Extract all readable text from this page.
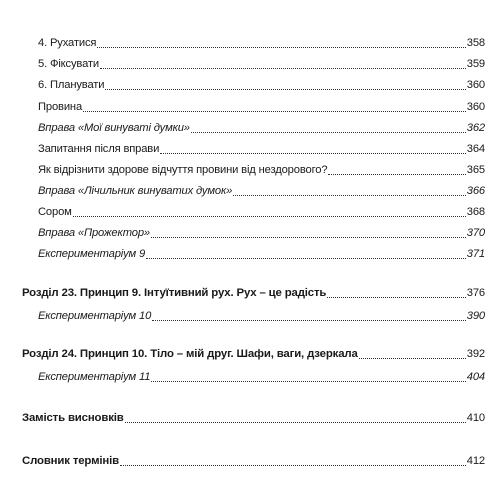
4. Рухатися	358
5. Фіксувати	359
6. Планувати	360
Провина	360
Вправа «Мої винуваті думки»	362
Запитання після вправи	364
Як відрізнити здорове відчуття провини від нездорового?	365
Вправа «Лічильник винуватих думок»	366
Сором	368
Вправа «Прожектор»	370
Експериментаріум 9	371
Розділ 23. Принцип 9. Інтуїтивний рух. Рух – це радість	376
Експериментаріум 10	390
Розділ 24. Принцип 10. Тіло – мій друг. Шафи, ваги, дзеркала	392
Експериментаріум 11	404
Замість висновків	410
Словник термінів	412
